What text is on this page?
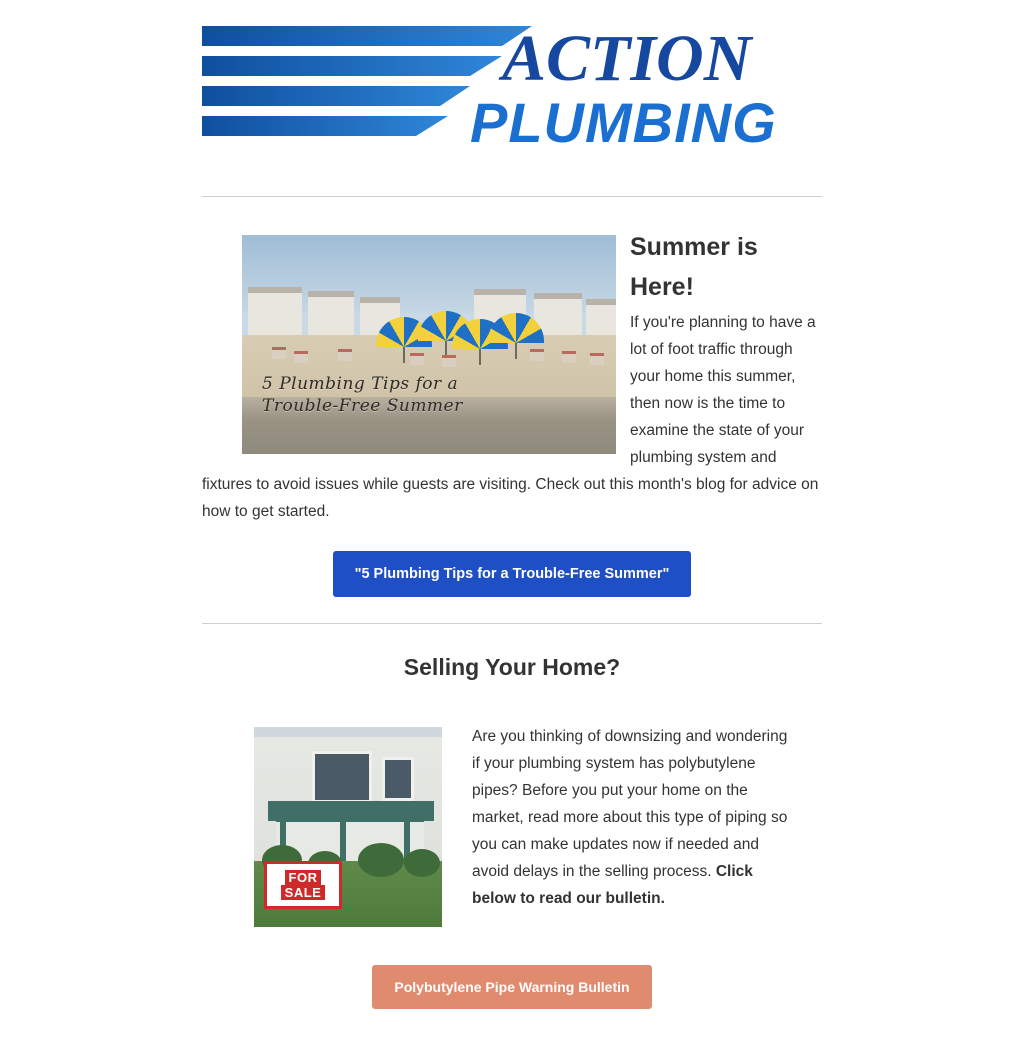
ACTION
PLUMBING
5 Plumbing Tips for a
Trouble-Free Summer
Summer is Here!

If you're planning to have a lot of foot traffic through your home this summer, then now is the time to examine the state of your plumbing system and fixtures to avoid issues while guests are visiting. Check out this month's blog for advice on how to get started.

"5 Plumbing Tips for a Trouble-Free Summer"
Selling Your Home?
FOR
SALE

Are you thinking of downsizing and wondering if your plumbing system has polybutylene pipes? Before you put your home on the market, read more about this type of piping so you can make updates now if needed and avoid delays in the selling process. Click below to read our bulletin.

Polybutylene Pipe Warning Bulletin
